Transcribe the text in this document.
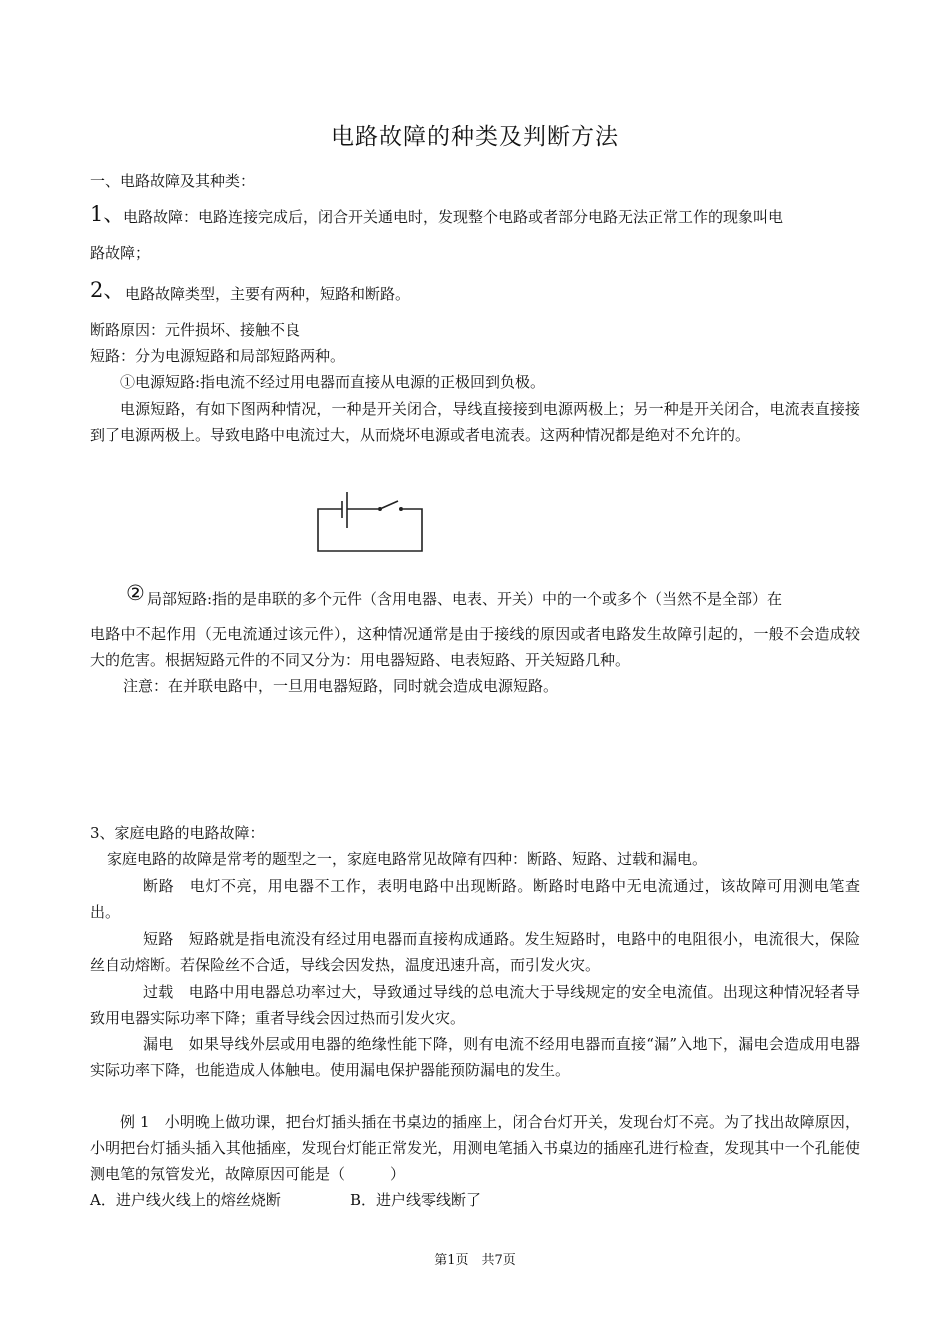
电路故障的种类及判断方法
一、电路故障及其种类：
1、
电路故障：电路连接完成后，闭合开关通电时，发现整个电路或者部分电路无法正常工作的现象叫电
路故障；
2、 电路故障类型，主要有两种，短路和断路。
断路原因：元件损坏、接触不良
短路：分为电源短路和局部短路两种。
①电源短路:指电流不经过用电器而直接从电源的正极回到负极。
电源短路，有如下图两种情况，一种是开关闭合，导线直接接到电源两极上；另一种是开关闭合，电流表直接接到了电源两极上。导致电路中电流过大，从而烧坏电源或者电流表。这两种情况都是绝对不允许的。
② 局部短路:指的是串联的多个元件（含用电器、电表、开关）中的一个或多个（当然不是全部）在
电路中不起作用（无电流通过该元件），这种情况通常是由于接线的原因或者电路发生故障引起的，一般不会造成较大的危害。根据短路元件的不同又分为：用电器短路、电表短路、开关短路几种。
注意：在并联电路中，一旦用电器短路，同时就会造成电源短路。
3、家庭电路的电路故障：
家庭电路的故障是常考的题型之一，家庭电路常见故障有四种：断路、短路、过载和漏电。
断路　电灯不亮，用电器不工作，表明电路中出现断路。断路时电路中无电流通过，该故障可用测电笔查出。
短路　短路就是指电流没有经过用电器而直接构成通路。发生短路时，电路中的电阻很小，电流很大，保险丝自动熔断。若保险丝不合适，导线会因发热，温度迅速升高，而引发火灾。
过载　电路中用电器总功率过大，导致通过导线的总电流大于导线规定的安全电流值。出现这种情况轻者导致用电器实际功率下降；重者导线会因过热而引发火灾。
漏电　如果导线外层或用电器的绝缘性能下降，则有电流不经用电器而直接“漏”入地下，漏电会造成用电器实际功率下降，也能造成人体触电。使用漏电保护器能预防漏电的发生。
例 1　小明晚上做功课，把台灯插头插在书桌边的插座上，闭合台灯开关，发现台灯不亮。为了找出故障原因，小明把台灯插头插入其他插座，发现台灯能正常发光，用测电笔插入书桌边的插座孔进行检查，发现其中一个孔能使测电笔的氖管发光，故障原因可能是（　　　）
A．进户线火线上的熔丝烧断	B．进户线零线断了
第1页　共7页
